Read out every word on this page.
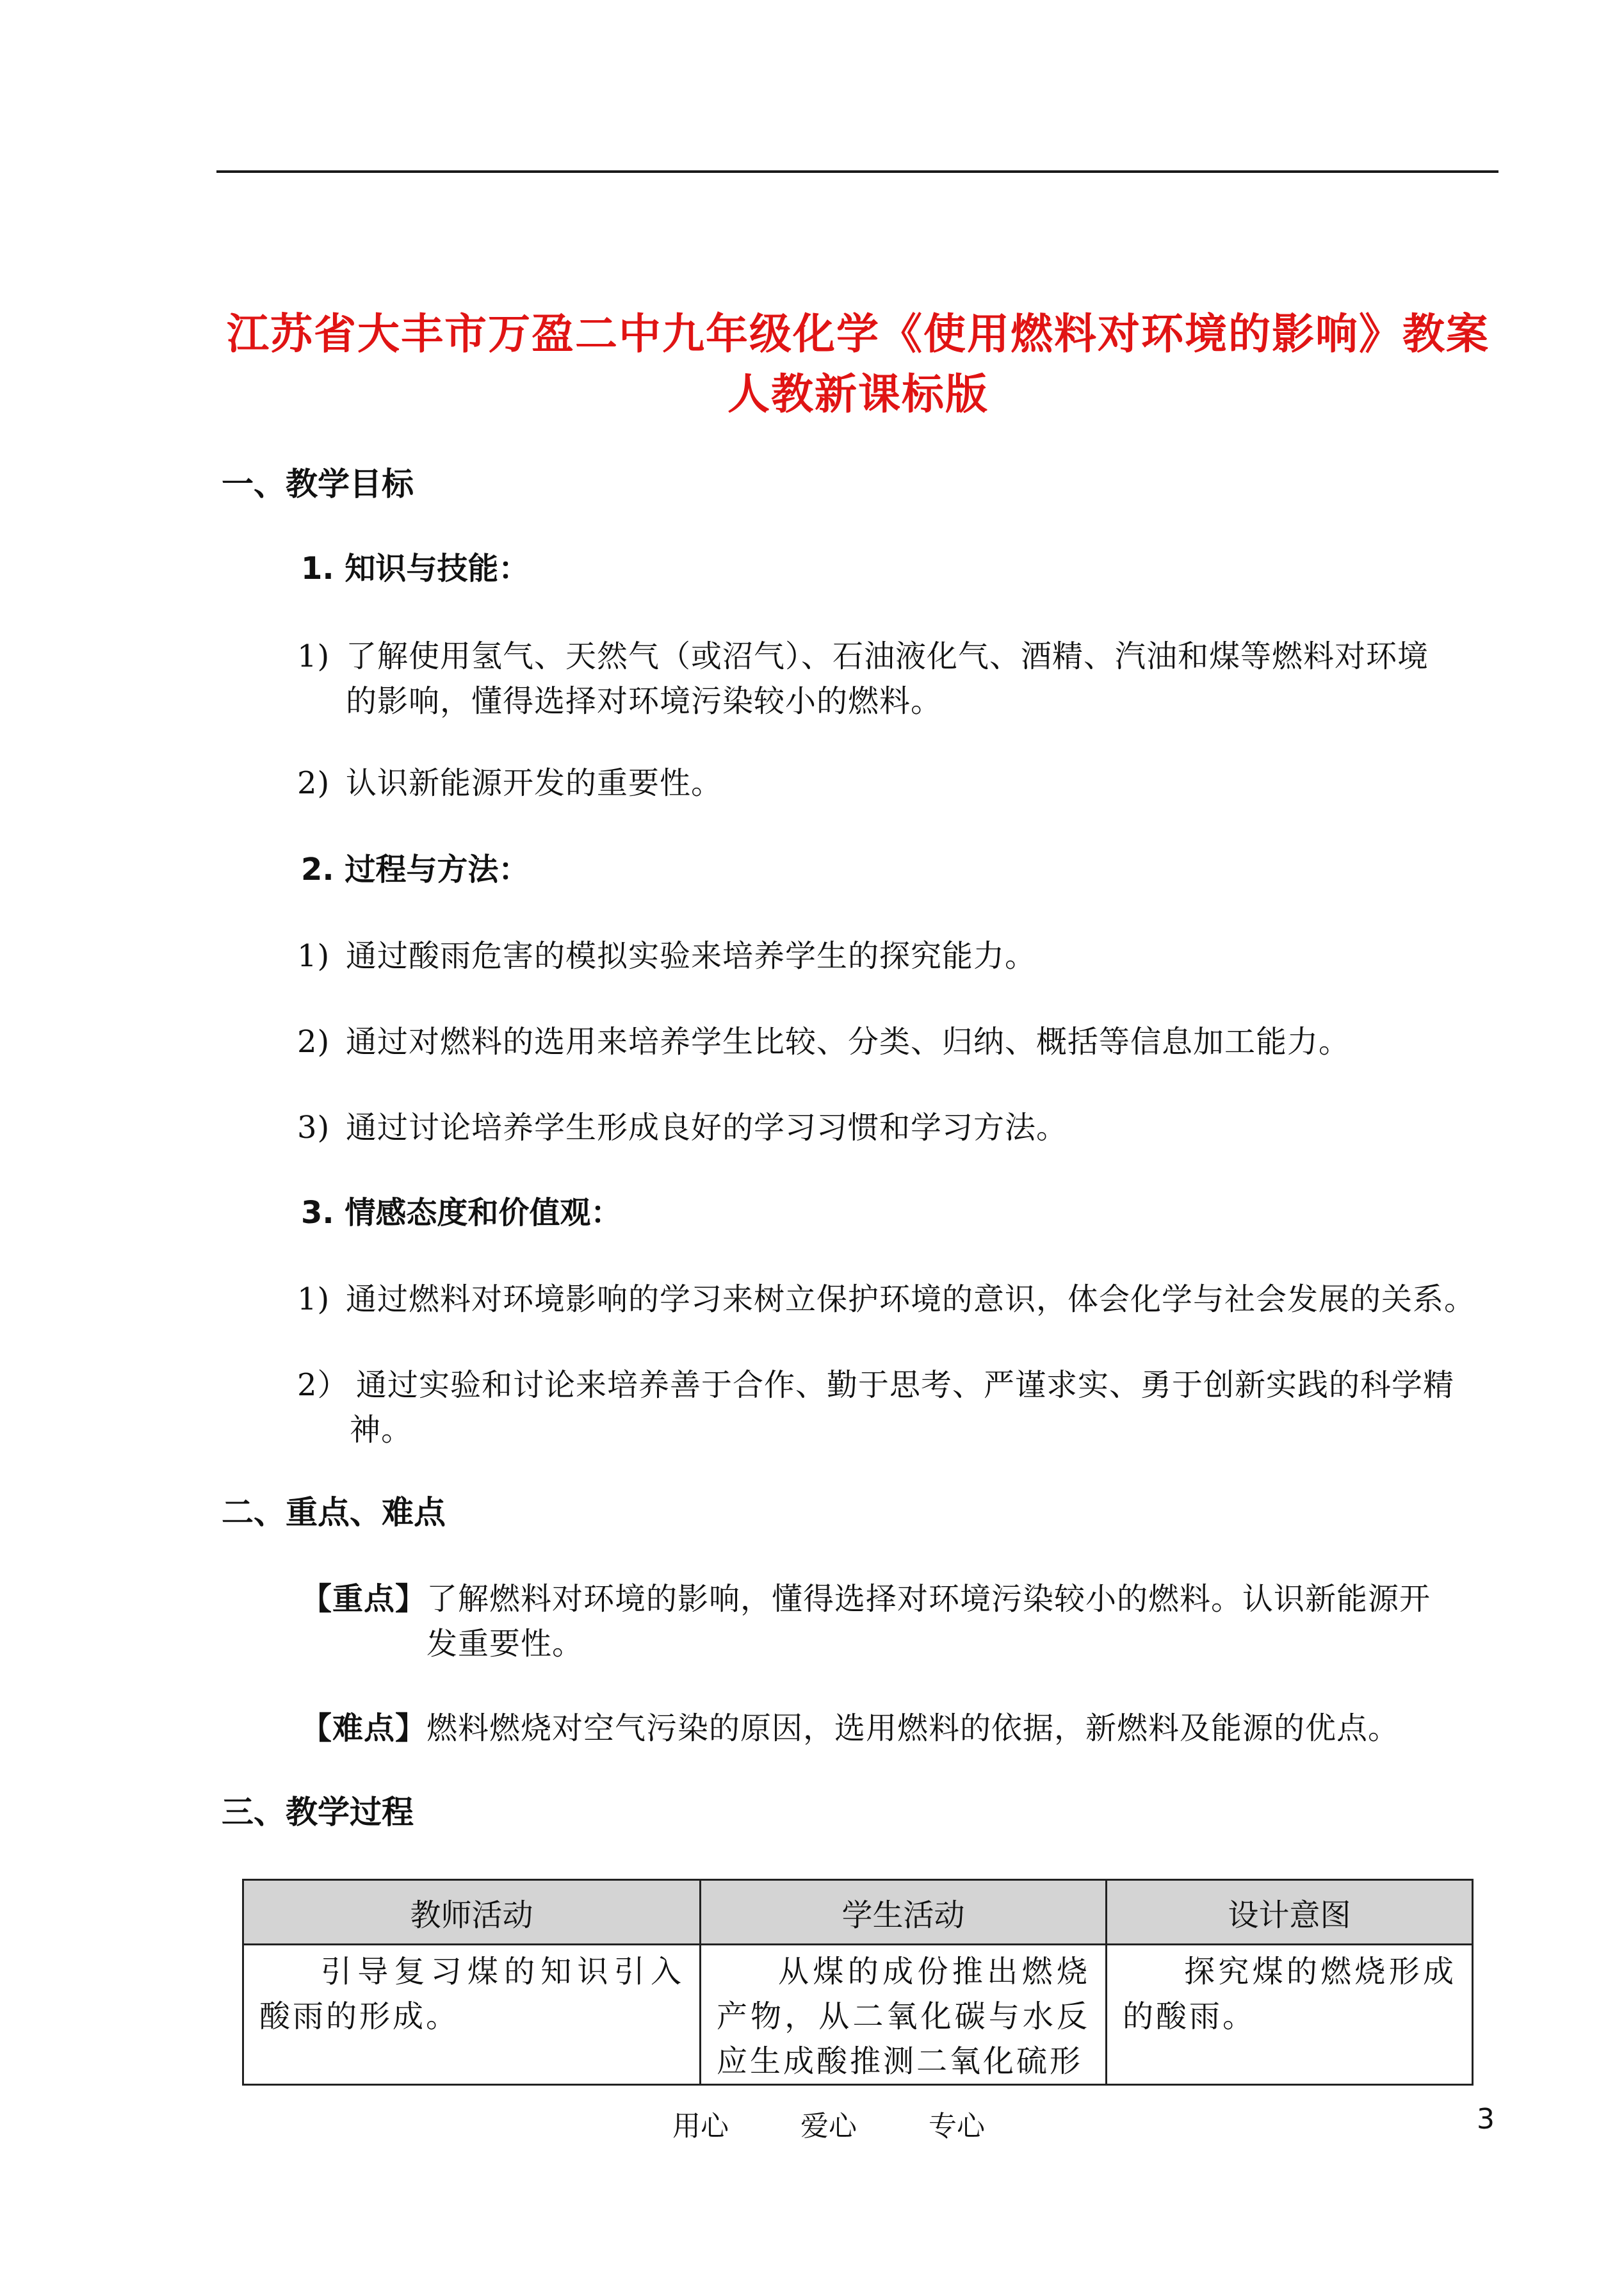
江苏省大丰市万盈二中九年级化学《使用燃料对环境的影响》教案
人教新课标版
一、教学目标
1. 知识与技能：
1) 了解使用氢气、天然气（或沼气）、石油液化气、酒精、汽油和煤等燃料对环境
的影响，懂得选择对环境污染较小的燃料。
2) 认识新能源开发的重要性。
2. 过程与方法：
1) 通过酸雨危害的模拟实验来培养学生的探究能力。
2) 通过对燃料的选用来培养学生比较、分类、归纳、概括等信息加工能力。
3) 通过讨论培养学生形成良好的学习习惯和学习方法。
3. 情感态度和价值观：
1) 通过燃料对环境影响的学习来树立保护环境的意识，体会化学与社会发展的关系。
2） 通过实验和讨论来培养善于合作、勤于思考、严谨求实、勇于创新实践的科学精
神。
二、重点、难点
【重点】 了解燃料对环境的影响，懂得选择对环境污染较小的燃料。认识新能源开
发重要性。
【难点】 燃料燃烧对空气污染的原因，选用燃料的依据，新燃料及能源的优点。
三、教学过程
教师活动	学生活动	设计意图
引导复习煤的知识引入酸雨的形成。	从煤的成份推出燃烧产物，从二氧化碳与水反应生成酸推测二氧化硫形	探究煤的燃烧形成的酸雨。
用心	爱心	专心	3
